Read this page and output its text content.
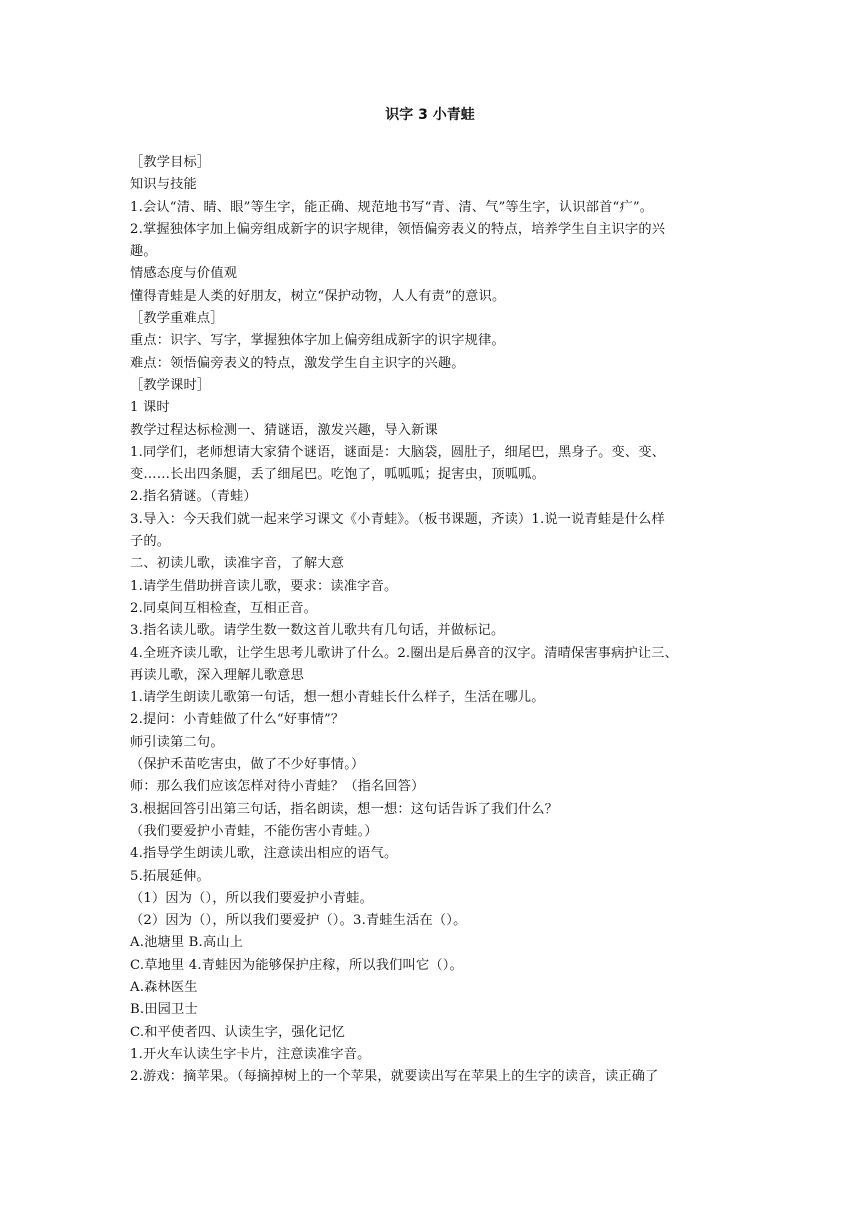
识字 3 小青蛙
［教学目标］
知识与技能
1.会认“清、睛、眼”等生字，能正确、规范地书写“青、清、气”等生字，认识部首“疒”。
2.掌握独体字加上偏旁组成新字的识字规律，领悟偏旁表义的特点，培养学生自主识字的兴
趣。
情感态度与价值观
懂得青蛙是人类的好朋友，树立“保护动物，人人有责”的意识。
［教学重难点］
重点：识字、写字，掌握独体字加上偏旁组成新字的识字规律。
难点：领悟偏旁表义的特点，激发学生自主识字的兴趣。
［教学课时］
1 课时
教学过程达标检测一、猜谜语，激发兴趣，导入新课
1.同学们，老师想请大家猜个谜语，谜面是：大脑袋，圆肚子，细尾巴，黑身子。变、变、
变……长出四条腿，丢了细尾巴。吃饱了，呱呱呱；捉害虫，顶呱呱。
2.指名猜谜。（青蛙）
3.导入：今天我们就一起来学习课文《小青蛙》。（板书课题，齐读）1.说一说青蛙是什么样
子的。
二、初读儿歌，读准字音，了解大意
1.请学生借助拼音读儿歌，要求：读准字音。
2.同桌间互相检查，互相正音。
3.指名读儿歌。请学生数一数这首儿歌共有几句话，并做标记。
4.全班齐读儿歌，让学生思考儿歌讲了什么。2.圈出是后鼻音的汉字。清晴保害事病护让三、
再读儿歌，深入理解儿歌意思
1.请学生朗读儿歌第一句话，想一想小青蛙长什么样子，生活在哪儿。
2.提问：小青蛙做了什么“好事情”？
师引读第二句。
（保护禾苗吃害虫，做了不少好事情。）
师：那么我们应该怎样对待小青蛙？（指名回答）
3.根据回答引出第三句话，指名朗读，想一想：这句话告诉了我们什么？
（我们要爱护小青蛙，不能伤害小青蛙。）
4.指导学生朗读儿歌，注意读出相应的语气。
5.拓展延伸。
（1）因为（），所以我们要爱护小青蛙。
（2）因为（），所以我们要爱护（）。3.青蛙生活在（）。
A.池塘里 B.高山上
C.草地里 4.青蛙因为能够保护庄稼，所以我们叫它（）。
A.森林医生
B.田园卫士
C.和平使者四、认读生字，强化记忆
1.开火车认读生字卡片，注意读准字音。
2.游戏：摘苹果。（每摘掉树上的一个苹果，就要读出写在苹果上的生字的读音，读正确了
